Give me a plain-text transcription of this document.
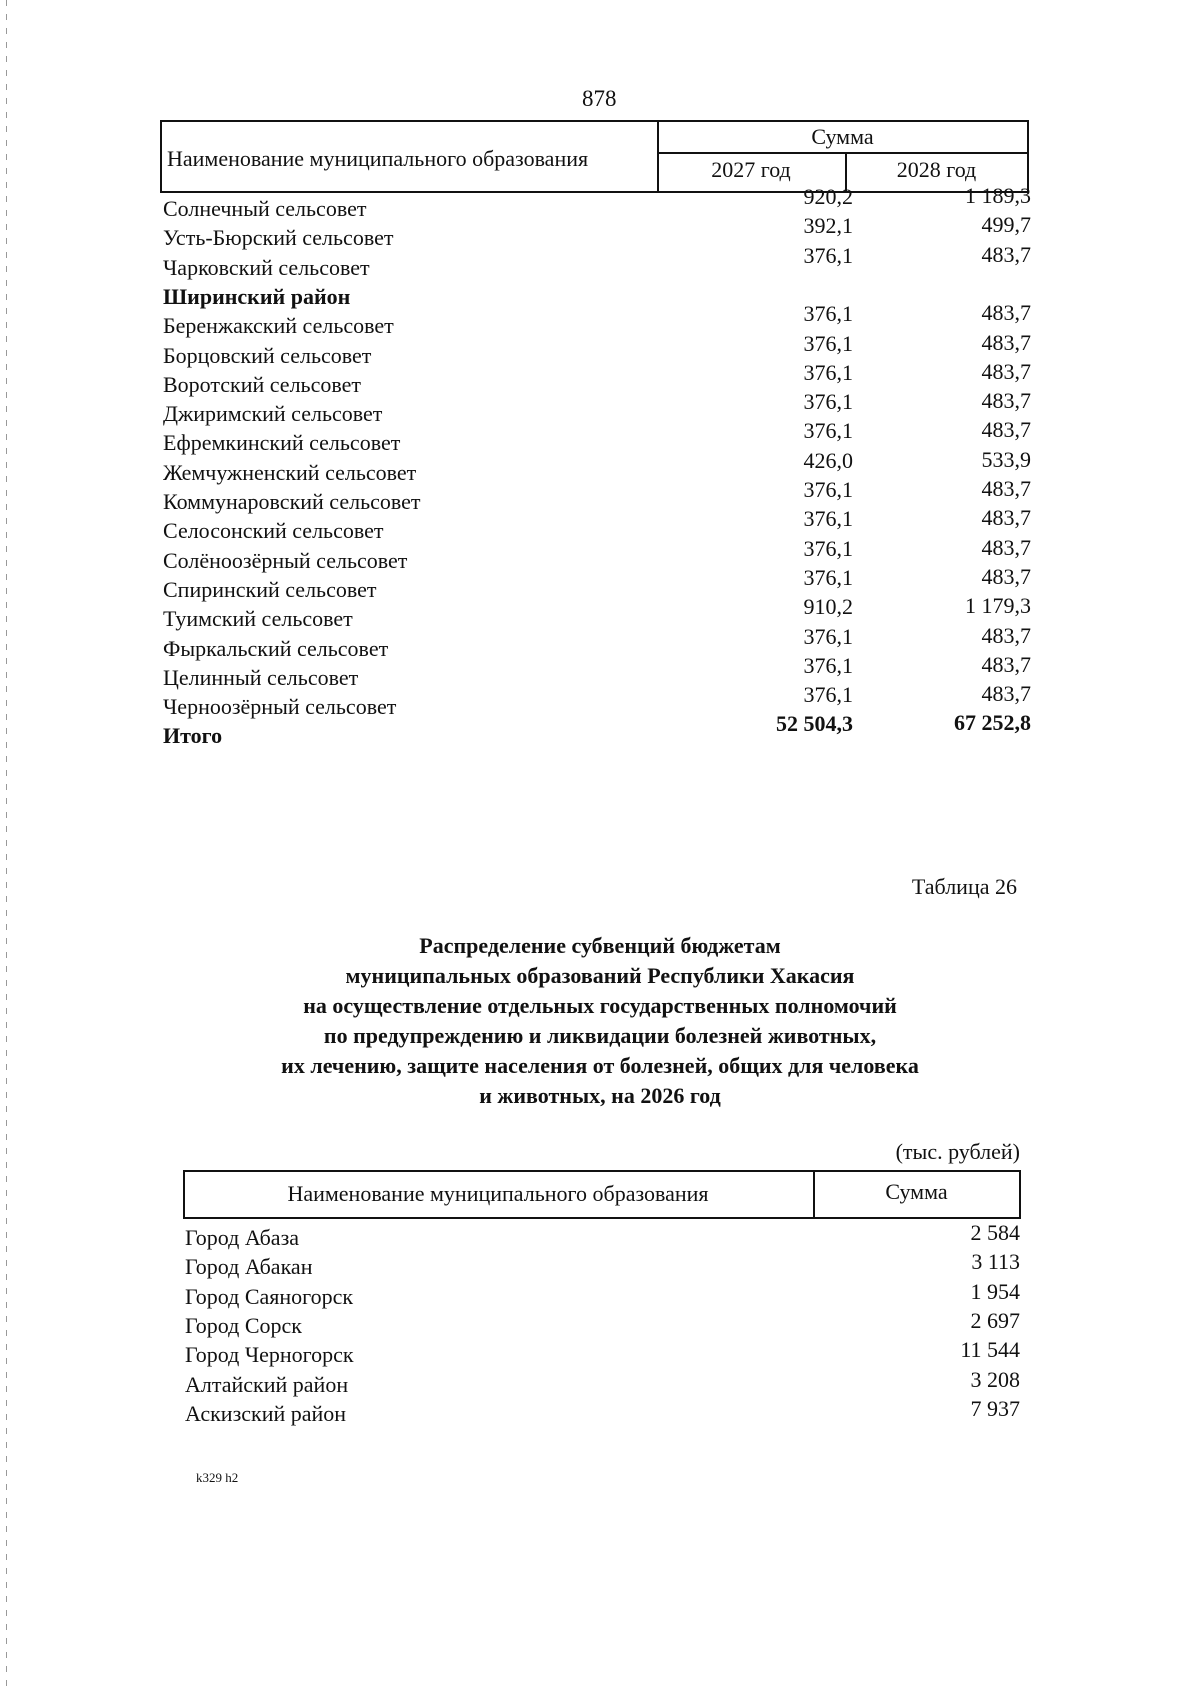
878
Наименование муниципального образования
Сумма
2027 год	2028 год
Солнечный сельсовет	920,2	1 189,3
Усть-Бюрский сельсовет	392,1	499,7
Чарковский сельсовет	376,1	483,7
Ширинский район
Беренжакский сельсовет	376,1	483,7
Борцовский сельсовет	376,1	483,7
Воротский сельсовет	376,1	483,7
Джиримский сельсовет	376,1	483,7
Ефремкинский сельсовет	376,1	483,7
Жемчужненский сельсовет	426,0	533,9
Коммунаровский сельсовет	376,1	483,7
Селосонский сельсовет	376,1	483,7
Солёноозёрный сельсовет	376,1	483,7
Спиринский сельсовет	376,1	483,7
Туимский сельсовет	910,2	1 179,3
Фыркальский сельсовет	376,1	483,7
Целинный сельсовет	376,1	483,7
Черноозёрный сельсовет	376,1	483,7
Итого	52 504,3	67 252,8
Таблица 26
Распределение субвенций бюджетам
муниципальных образований Республики Хакасия
на осуществление отдельных государственных полномочий
по предупреждению и ликвидации болезней животных,
их лечению, защите населения от болезней, общих для человека
и животных, на 2026 год
(тыс. рублей)
Наименование муниципального образования	Сумма
Город Абаза	2 584
Город Абакан	3 113
Город Саяногорск	1 954
Город Сорск	2 697
Город Черногорск	11 544
Алтайский район	3 208
Аскизский район	7 937
k329 h2
